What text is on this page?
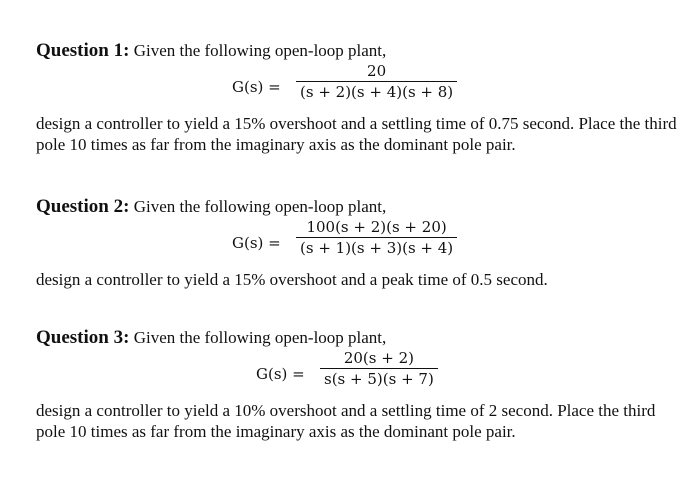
Question 1: Given the following open-loop plant,
$G(s) = \frac{20}{(s + 2)(s + 4)(s + 8)}$
design a controller to yield a 15% overshoot and a settling time of 0.75 second. Place the third pole 10 times as far from the imaginary axis as the dominant pole pair.
Question 2: Given the following open-loop plant,
$G(s) = \frac{100(s + 2)(s + 20)}{(s + 1)(s + 3)(s + 4)}$
design a controller to yield a 15% overshoot and a peak time of 0.5 second.
Question 3: Given the following open-loop plant,
$G(s) = \frac{20(s + 2)}{s(s + 5)(s + 7)}$
design a controller to yield a 10% overshoot and a settling time of 2 second. Place the third pole 10 times as far from the imaginary axis as the dominant pole pair.
